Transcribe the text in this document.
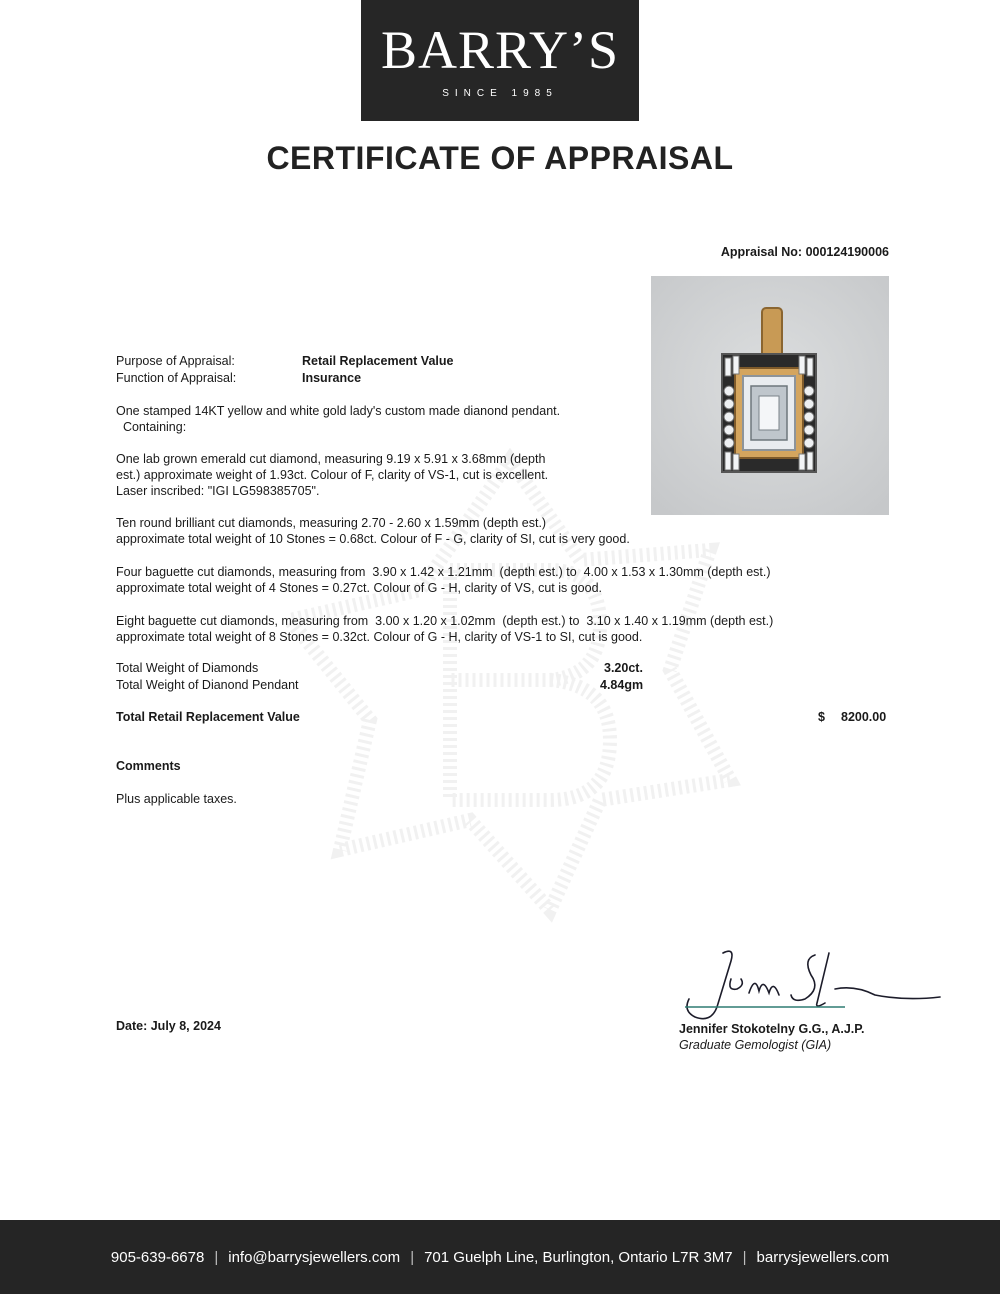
BARRY’S
SINCE 1985
CERTIFICATE OF APPRAISAL
Appraisal No: 000124190006
Purpose of Appraisal:	Retail Replacement Value
Function of Appraisal:	Insurance
One stamped 14KT yellow and white gold lady's custom made dianond pendant.
Containing:
One lab grown emerald cut diamond, measuring 9.19 x 5.91 x 3.68mm (depth
est.) approximate weight of 1.93ct. Colour of F, clarity of VS-1, cut is excellent.
Laser inscribed: "IGI LG598385705".
Ten round brilliant cut diamonds, measuring 2.70 - 2.60 x 1.59mm (depth est.)
approximate total weight of 10 Stones = 0.68ct. Colour of F - G, clarity of SI, cut is very good.
Four baguette cut diamonds, measuring from  3.90 x 1.42 x 1.21mm  (depth est.) to  4.00 x 1.53 x 1.30mm (depth est.)
approximate total weight of 4 Stones = 0.27ct. Colour of G - H, clarity of VS, cut is good.
Eight baguette cut diamonds, measuring from  3.00 x 1.20 x 1.02mm  (depth est.) to  3.10 x 1.40 x 1.19mm (depth est.)
approximate total weight of 8 Stones = 0.32ct. Colour of G - H, clarity of VS-1 to SI, cut is good.
Total Weight of Diamonds	3.20ct.
Total Weight of Dianond Pendant	4.84gm
Total Retail Replacement Value	$ 8200.00
Comments
Plus applicable taxes.
Date: July 8, 2024	Jennifer Stokotelny G.G., A.J.P.
Graduate Gemologist (GIA)
905-639-6678 | info@barrysjewellers.com | 701 Guelph Line, Burlington, Ontario L7R 3M7 | barrysjewellers.com
